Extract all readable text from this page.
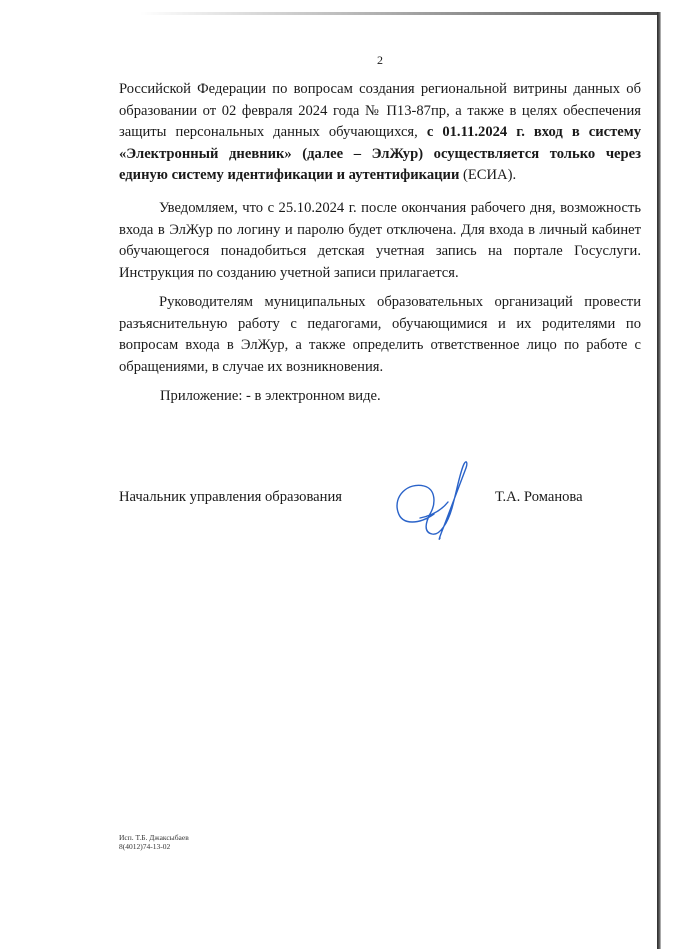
2

Российской Федерации по вопросам создания региональной витрины данных об образовании от 02 февраля 2024 года № П13-87пр, а также в целях обеспечения защиты персональных данных обучающихся, с 01.11.2024 г. вход в систему «Электронный дневник» (далее – ЭлЖур) осуществляется только через единую систему идентификации и аутентификации (ЕСИА).

Уведомляем, что с 25.10.2024 г. после окончания рабочего дня, возможность входа в ЭлЖур по логину и паролю будет отключена. Для входа в личный кабинет обучающегося понадобиться детская учетная запись на портале Госуслуги. Инструкция по созданию учетной записи прилагается.

Руководителям муниципальных образовательных организаций провести разъяснительную работу с педагогами, обучающимися и их родителями по вопросам входа в ЭлЖур, а также определить ответственное лицо по работе с обращениями, в случае их возникновения.

Приложение: - в электронном виде.

Начальник управления образования	Т.А. Романова
Исп. Т.Б. Джаксыбаев
8(4012)74-13-02
